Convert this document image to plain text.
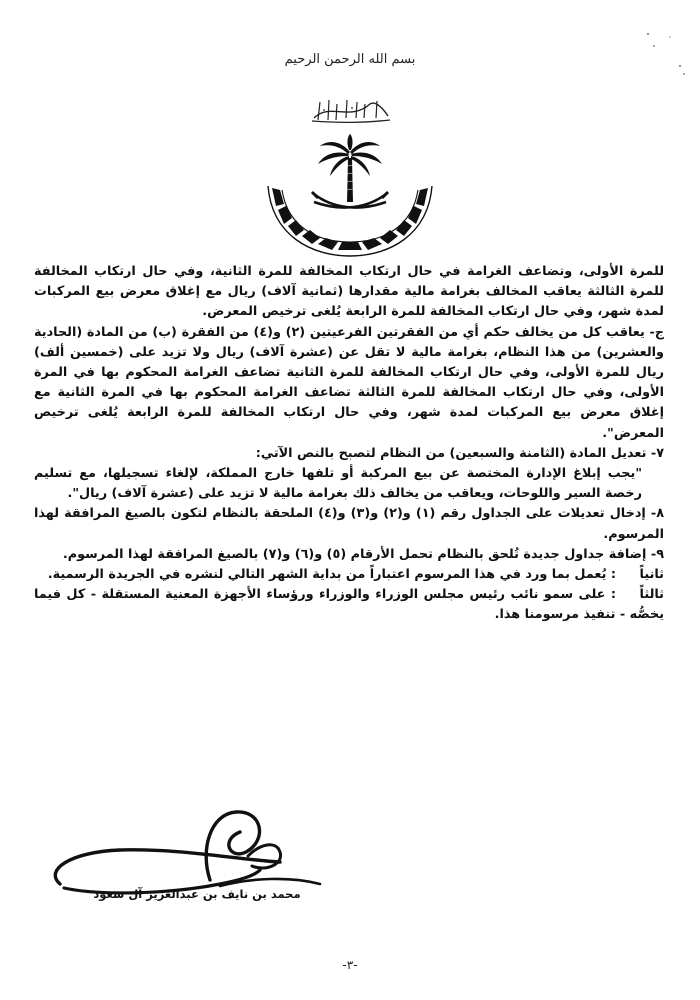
بسم الله الرحمن الرحيم

للمرة الأولى، وتضاعف الغرامة في حال ارتكاب المخالفة للمرة الثانية، وفي حال ارتكاب المخالفة للمرة الثالثة يعاقب المخالف بغرامة مالية مقدارها (ثمانية آلاف) ريال مع إغلاق معرض بيع المركبات لمدة شهر، وفي حال ارتكاب المخالفة للمرة الرابعة يُلغى ترخيص المعرض.

ج- يعاقب كل من يخالف حكم أي من الفقرتين الفرعيتين (٢) و(٤) من الفقرة (ب) من المادة (الحادية والعشرين) من هذا النظام، بغرامة مالية لا تقل عن (عشرة آلاف) ريال ولا تزيد على (خمسين ألف) ريال للمرة الأولى، وفي حال ارتكاب المخالفة للمرة الثانية تضاعف الغرامة المحكوم بها في المرة الأولى، وفي حال ارتكاب المخالفة للمرة الثالثة تضاعف الغرامة المحكوم بها في المرة الثانية مع إغلاق معرض بيع المركبات لمدة شهر، وفي حال ارتكاب المخالفة للمرة الرابعة يُلغى ترخيص المعرض".

٧- تعديل المادة (الثامنة والسبعين) من النظام لتصبح بالنص الآتي:

"يجب إبلاغ الإدارة المختصة عن بيع المركبة أو تلفها خارج المملكة، لإلغاء تسجيلها، مع تسليم رخصة السير واللوحات، ويعاقب من يخالف ذلك بغرامة مالية لا تزيد على (عشرة آلاف) ريال".

٨- إدخال تعديلات على الجداول رقم (١) و(٢) و(٣) و(٤) الملحقة بالنظام لتكون بالصيغ المرافقة لهذا المرسوم.

٩- إضافة جداول جديدة تُلحق بالنظام تحمل الأرقام (٥) و(٦) و(٧) بالصيغ المرافقة لهذا المرسوم.

ثانياً: يُعمل بما ورد في هذا المرسوم اعتباراً من بداية الشهر التالي لنشره في الجريدة الرسمية.

ثالثاً: على سمو نائب رئيس مجلس الوزراء والوزراء ورؤساء الأجهزة المعنية المستقلة - كل فيما يخصُّه - تنفيذ مرسومنا هذا.

محمد بن نايف بن عبدالعزيز آل سعود
-٣-
